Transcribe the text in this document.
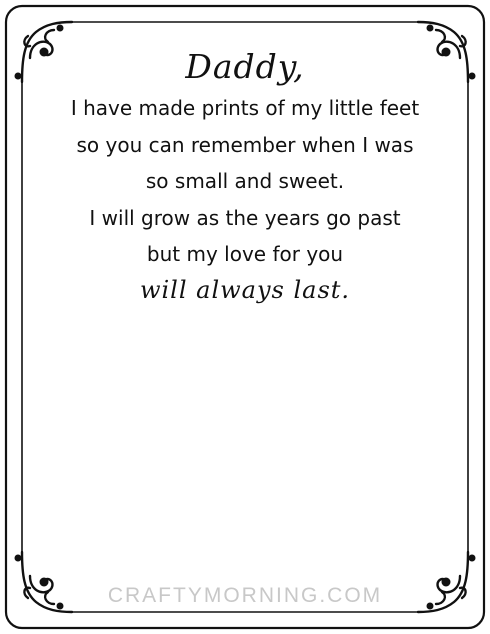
Daddy,
I have made prints of my little feet
so you can remember when I was
so small and sweet.
I will grow as the years go past
but my love for you
will always last.
CRAFTYMORNING.COM
